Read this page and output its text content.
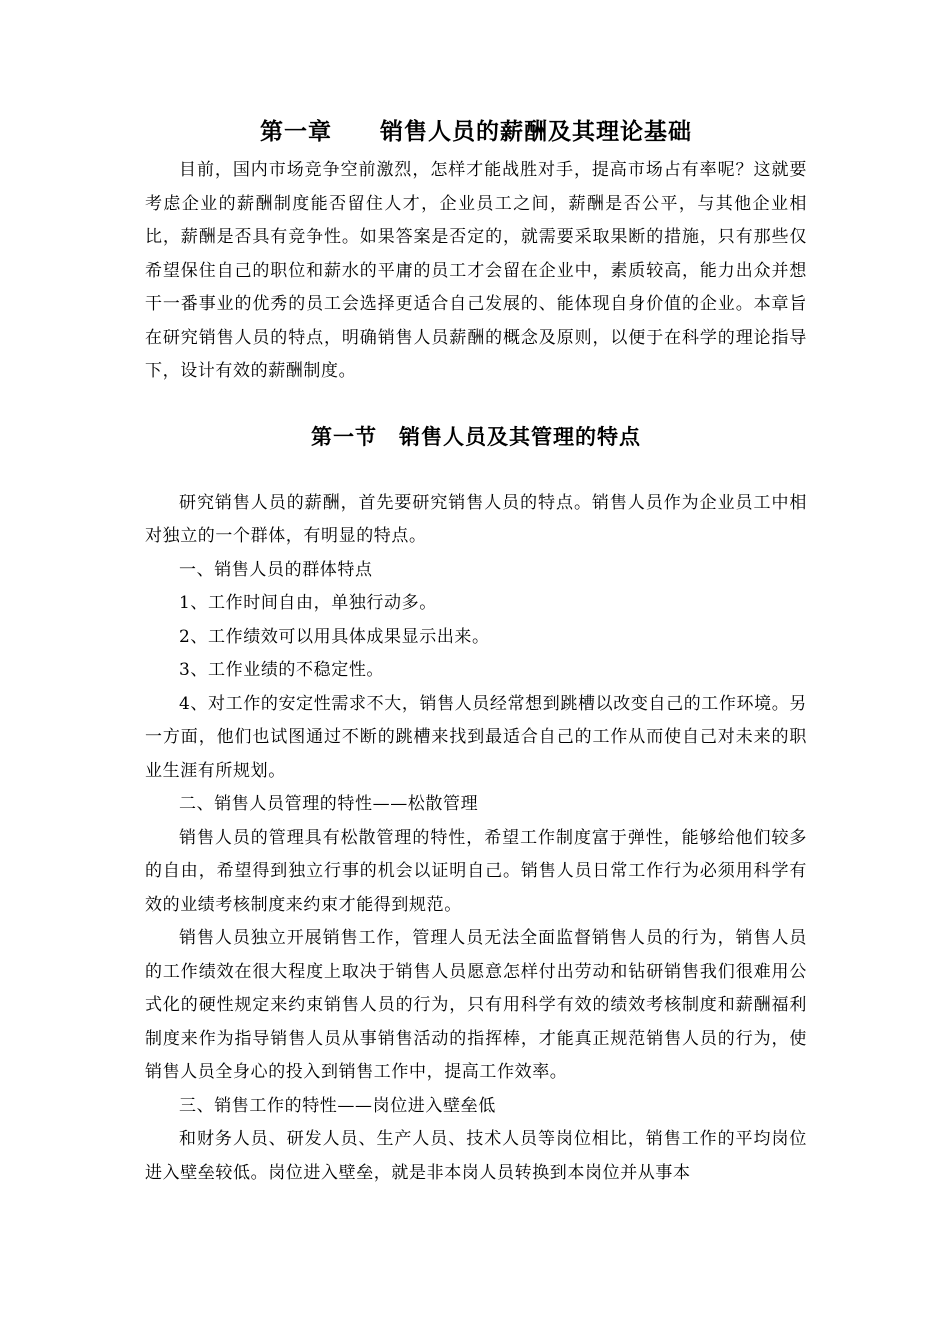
第一章　　销售人员的薪酬及其理论基础

目前，国内市场竞争空前激烈，怎样才能战胜对手，提高市场占有率呢？这就要考虑企业的薪酬制度能否留住人才，企业员工之间，薪酬是否公平，与其他企业相比，薪酬是否具有竞争性。如果答案是否定的，就需要采取果断的措施，只有那些仅希望保住自己的职位和薪水的平庸的员工才会留在企业中，素质较高，能力出众并想干一番事业的优秀的员工会选择更适合自己发展的、能体现自身价值的企业。本章旨在研究销售人员的特点，明确销售人员薪酬的概念及原则，以便于在科学的理论指导下，设计有效的薪酬制度。

第一节　销售人员及其管理的特点

研究销售人员的薪酬，首先要研究销售人员的特点。销售人员作为企业员工中相对独立的一个群体，有明显的特点。

一、销售人员的群体特点

1、工作时间自由，单独行动多。

2、工作绩效可以用具体成果显示出来。

3、工作业绩的不稳定性。

4、对工作的安定性需求不大，销售人员经常想到跳槽以改变自己的工作环境。另一方面，他们也试图通过不断的跳槽来找到最适合自己的工作从而使自己对未来的职业生涯有所规划。

二、销售人员管理的特性——松散管理

销售人员的管理具有松散管理的特性，希望工作制度富于弹性，能够给他们较多的自由，希望得到独立行事的机会以证明自己。销售人员日常工作行为必须用科学有效的业绩考核制度来约束才能得到规范。

销售人员独立开展销售工作，管理人员无法全面监督销售人员的行为，销售人员的工作绩效在很大程度上取决于销售人员愿意怎样付出劳动和钻研销售我们很难用公式化的硬性规定来约束销售人员的行为，只有用科学有效的绩效考核制度和薪酬福利制度来作为指导销售人员从事销售活动的指挥棒，才能真正规范销售人员的行为，使销售人员全身心的投入到销售工作中，提高工作效率。

三、销售工作的特性——岗位进入壁垒低

和财务人员、研发人员、生产人员、技术人员等岗位相比，销售工作的平均岗位进入壁垒较低。岗位进入壁垒，就是非本岗人员转换到本岗位并从事本
